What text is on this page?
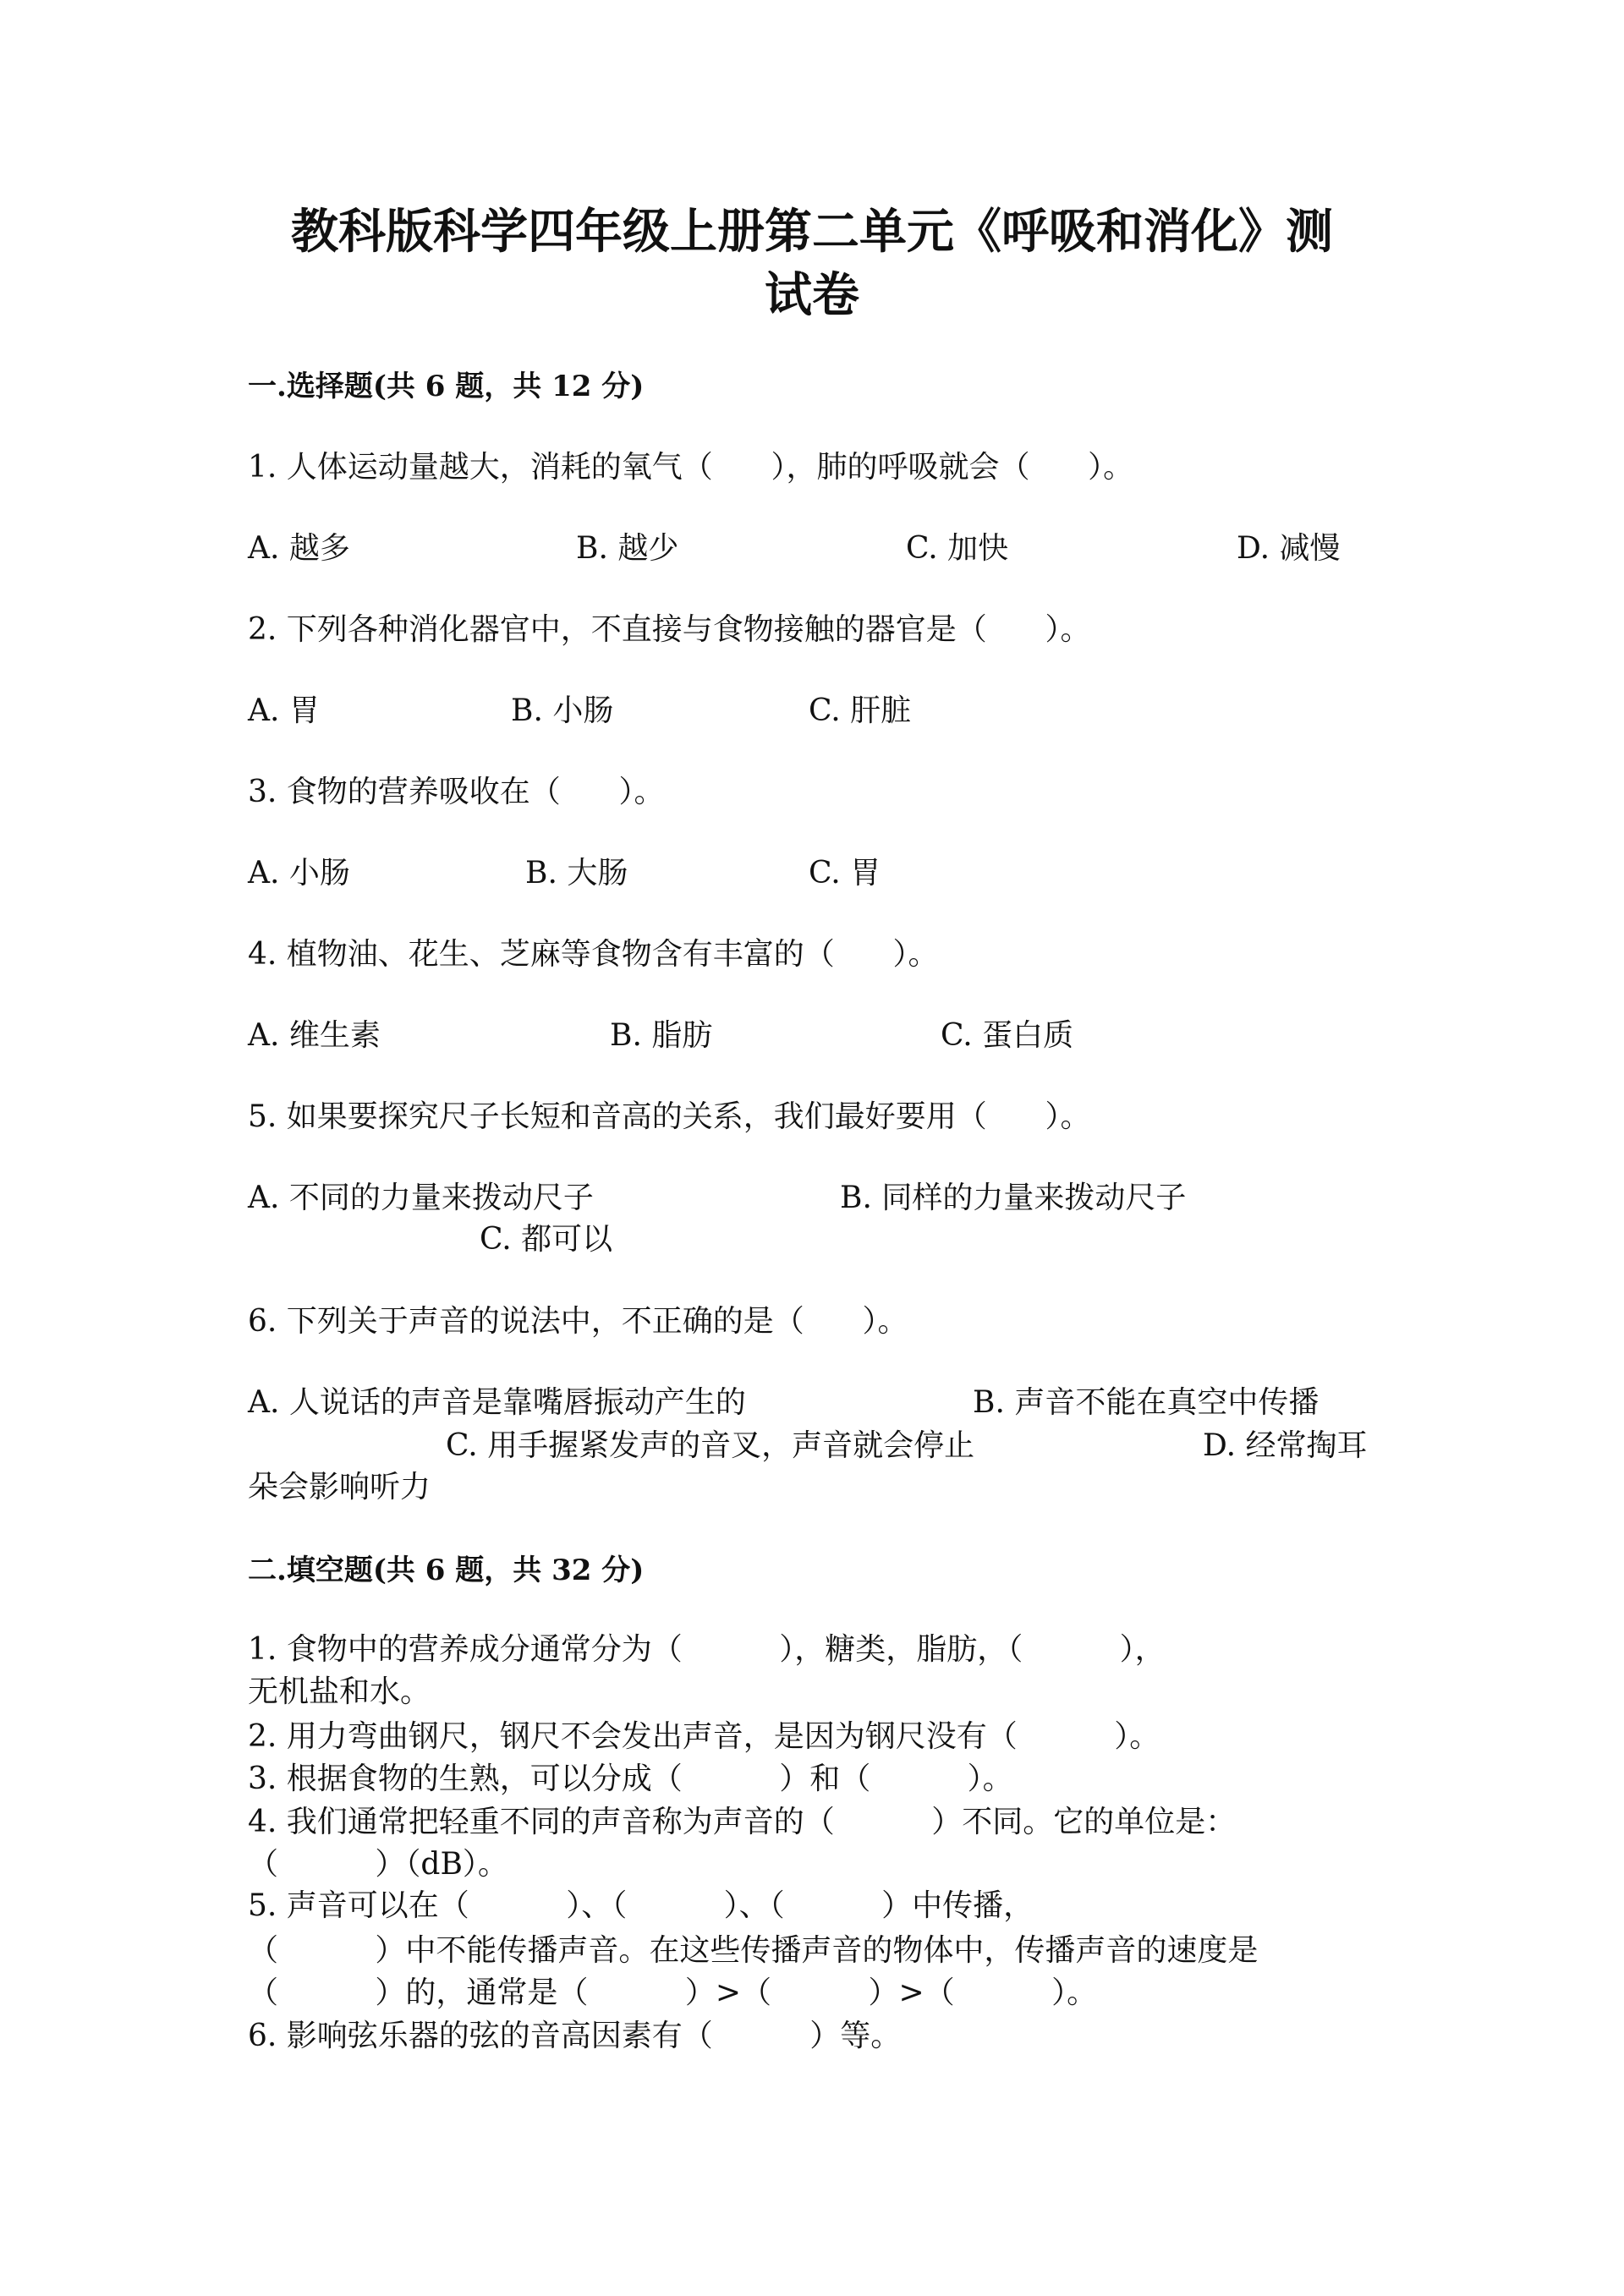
教科版科学四年级上册第二单元《呼吸和消化》测
试卷
一.选择题(共 6 题，共 12 分)
1. 人体运动量越大，消耗的氧气（      ），肺的呼吸就会（      ）。
A. 越多	B. 越少	C. 加快	D. 减慢
2. 下列各种消化器官中，不直接与食物接触的器官是（      ）。
A. 胃	B. 小肠	C. 肝脏
3. 食物的营养吸收在（      ）。
A. 小肠	B. 大肠	C. 胃
4. 植物油、花生、芝麻等食物含有丰富的（      ）。
A. 维生素	B. 脂肪	C. 蛋白质
5. 如果要探究尺子长短和音高的关系，我们最好要用（      ）。
A. 不同的力量来拨动尺子	B. 同样的力量来拨动尺子
C. 都可以
6. 下列关于声音的说法中，不正确的是（      ）。
A. 人说话的声音是靠嘴唇振动产生的	B. 声音不能在真空中传播
C. 用手握紧发声的音叉，声音就会停止	D. 经常掏耳
朵会影响听力
二.填空题(共 6 题，共 32 分)
1. 食物中的营养成分通常分为（          ），糖类，脂肪，（          ），
无机盐和水。
2. 用力弯曲钢尺，钢尺不会发出声音，是因为钢尺没有（          ）。
3. 根据食物的生熟，可以分成（          ）和（          ）。
4. 我们通常把轻重不同的声音称为声音的（          ）不同。它的单位是：
（          ）（dB）。
5. 声音可以在（          ）、（          ）、（          ）中传播，
（          ）中不能传播声音。在这些传播声音的物体中，传播声音的速度是
（          ）的，通常是（          ）>（          ）>（          ）。
6. 影响弦乐器的弦的音高因素有（          ）等。
